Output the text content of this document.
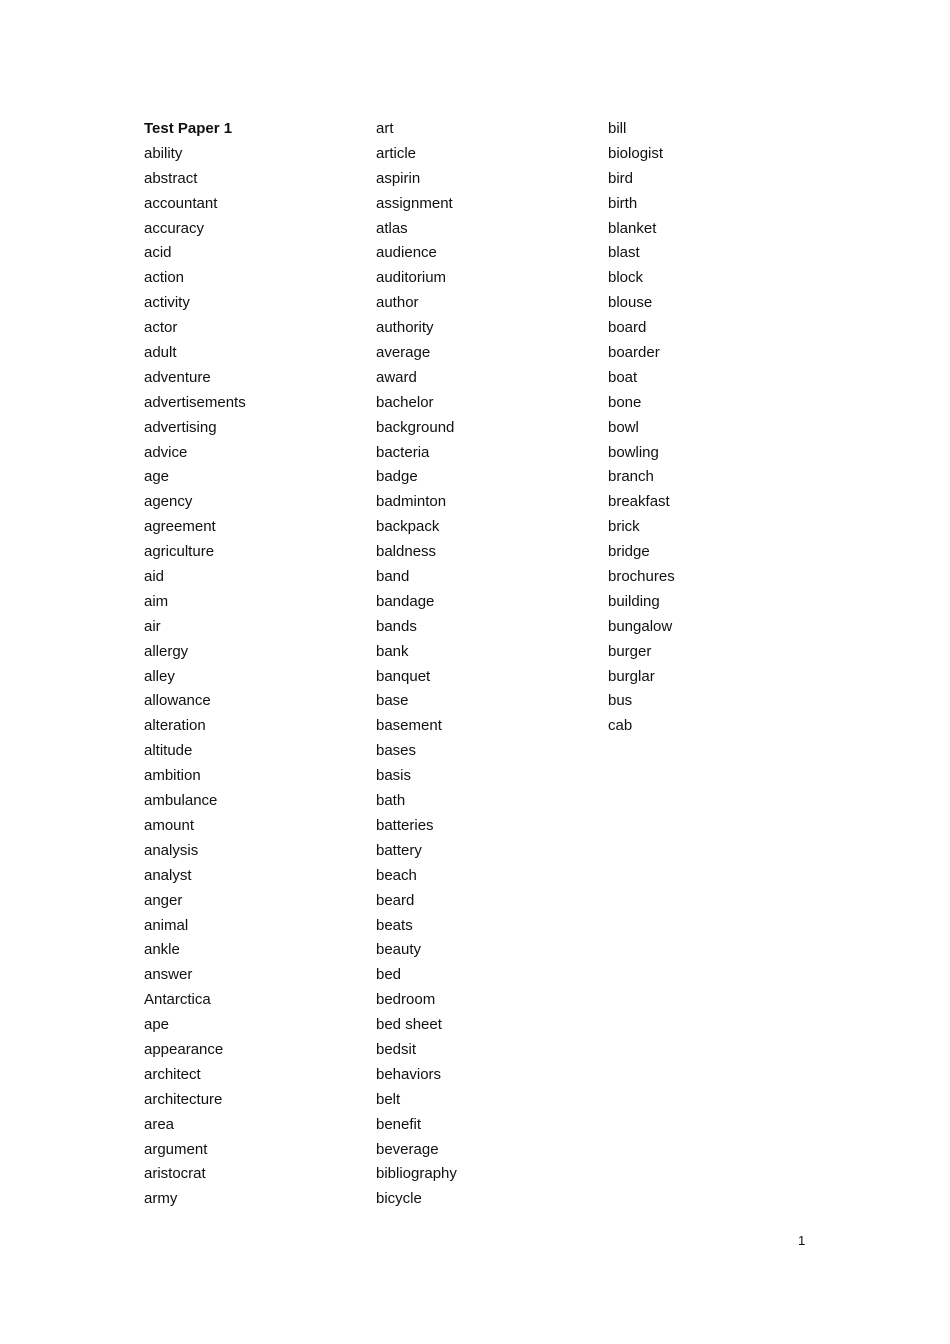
Test Paper 1
ability
abstract
accountant
accuracy
acid
action
activity
actor
adult
adventure
advertisements
advertising
advice
age
agency
agreement
agriculture
aid
aim
air
allergy
alley
allowance
alteration
altitude
ambition
ambulance
amount
analysis
analyst
anger
animal
ankle
answer
Antarctica
ape
appearance
architect
architecture
area
argument
aristocrat
army
art
article
aspirin
assignment
atlas
audience
auditorium
author
authority
average
award
bachelor
background
bacteria
badge
badminton
backpack
baldness
band
bandage
bands
bank
banquet
base
basement
bases
basis
bath
batteries
battery
beach
beard
beats
beauty
bed
bedroom
bed sheet
bedsit
behaviors
belt
benefit
beverage
bibliography
bicycle
bill
biologist
bird
birth
blanket
blast
block
blouse
board
boarder
boat
bone
bowl
bowling
branch
breakfast
brick
bridge
brochures
building
bungalow
burger
burglar
bus
cab
1
